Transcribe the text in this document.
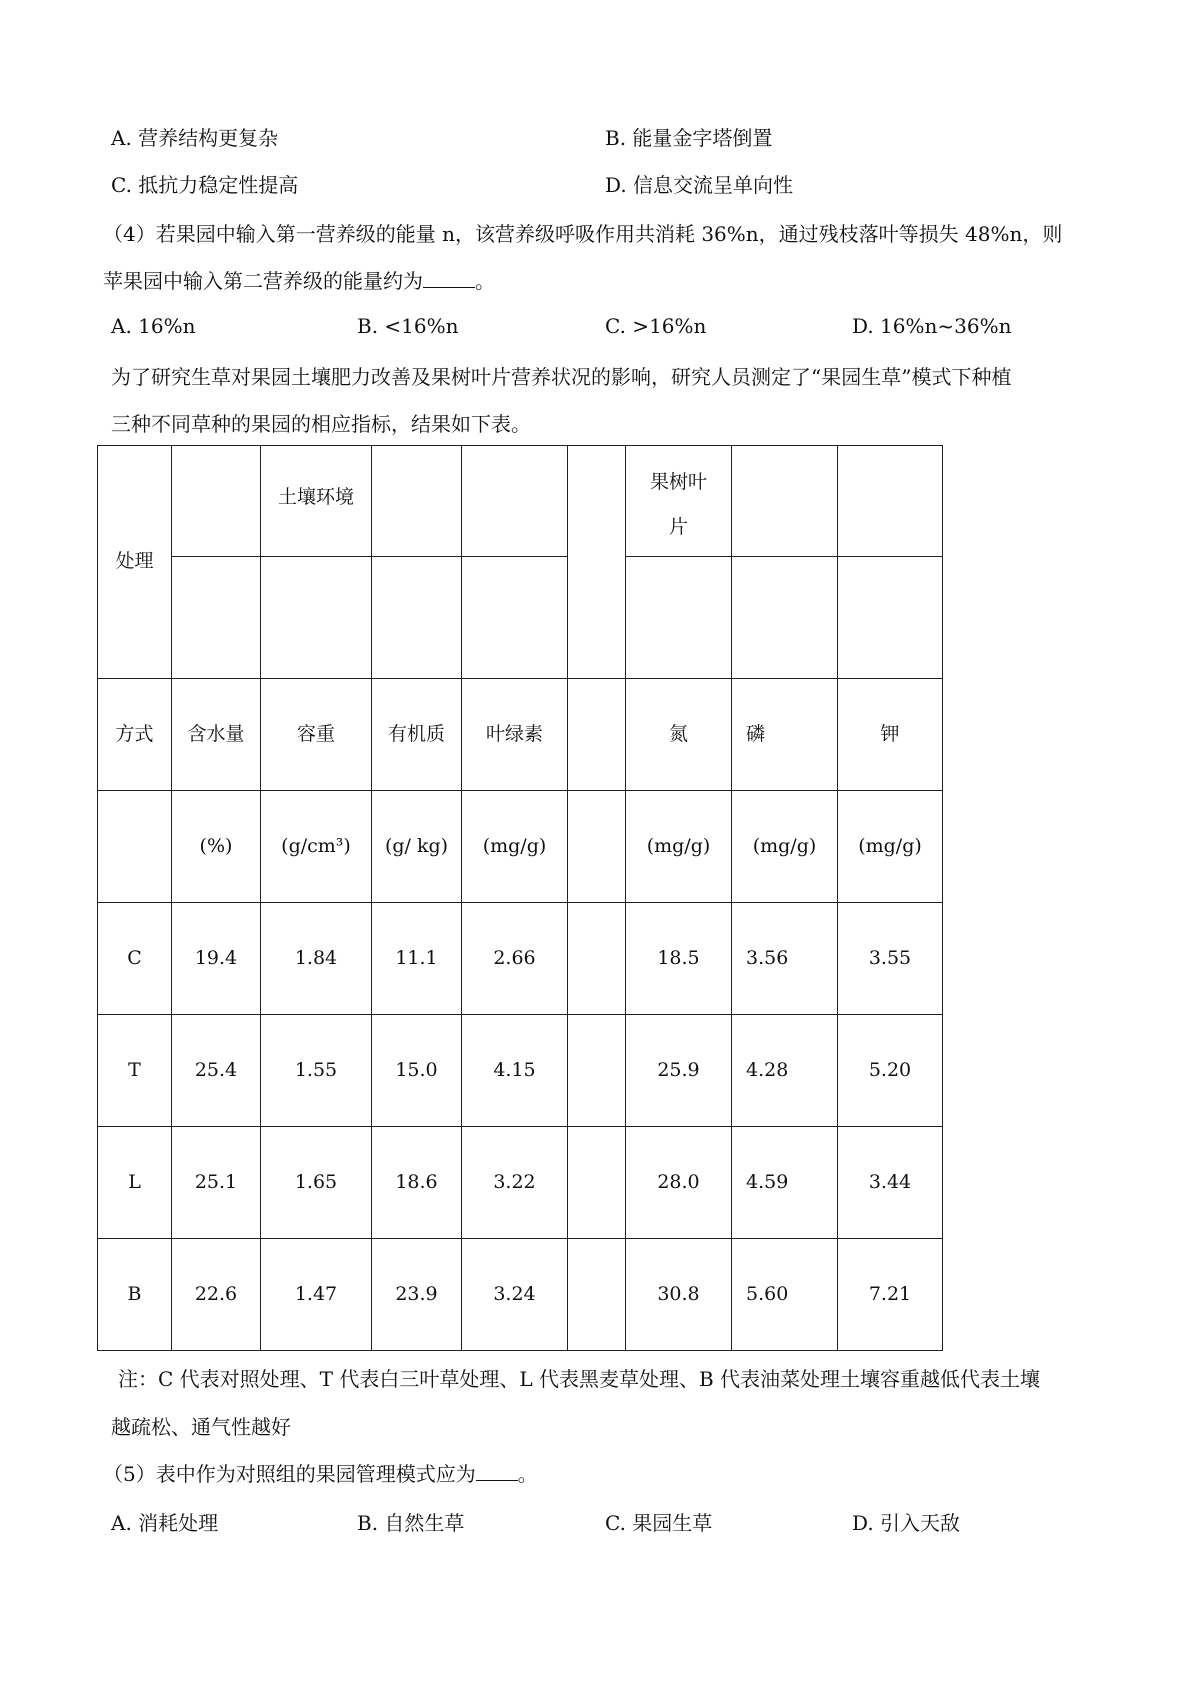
A. 营养结构更复杂	B. 能量金字塔倒置
C. 抵抗力稳定性提高	D. 信息交流呈单向性
（4）若果园中输入第一营养级的能量 n，该营养级呼吸作用共消耗 36%n，通过残枝落叶等损失 48%n，则
苹果园中输入第二营养级的能量约为	。
A. 16%n	B. <16%n	C. >16%n	D. 16%n~36%n
为了研究生草对果园土壤肥力改善及果树叶片营养状况的影响，研究人员测定了“果园生草”模式下种植
三种不同草种的果园的相应指标，结果如下表。
处理		土壤环境				果树叶
片		

方式	含水量	容重	有机质	叶绿素		氮	磷	钾
	(%)	(g/cm³)	(g/ kg)	(mg/g)		(mg/g)	(mg/g)	(mg/g)
C	19.4	1.84	11.1	2.66		18.5	3.56	3.55
T	25.4	1.55	15.0	4.15		25.9	4.28	5.20
L	25.1	1.65	18.6	3.22		28.0	4.59	3.44
B	22.6	1.47	23.9	3.24		30.8	5.60	7.21
注：C 代表对照处理、T 代表白三叶草处理、L 代表黑麦草处理、B 代表油菜处理土壤容重越低代表土壤
越疏松、通气性越好
（5）表中作为对照组的果园管理模式应为 。
A. 消耗处理	B. 自然生草	C. 果园生草	D. 引入天敌
